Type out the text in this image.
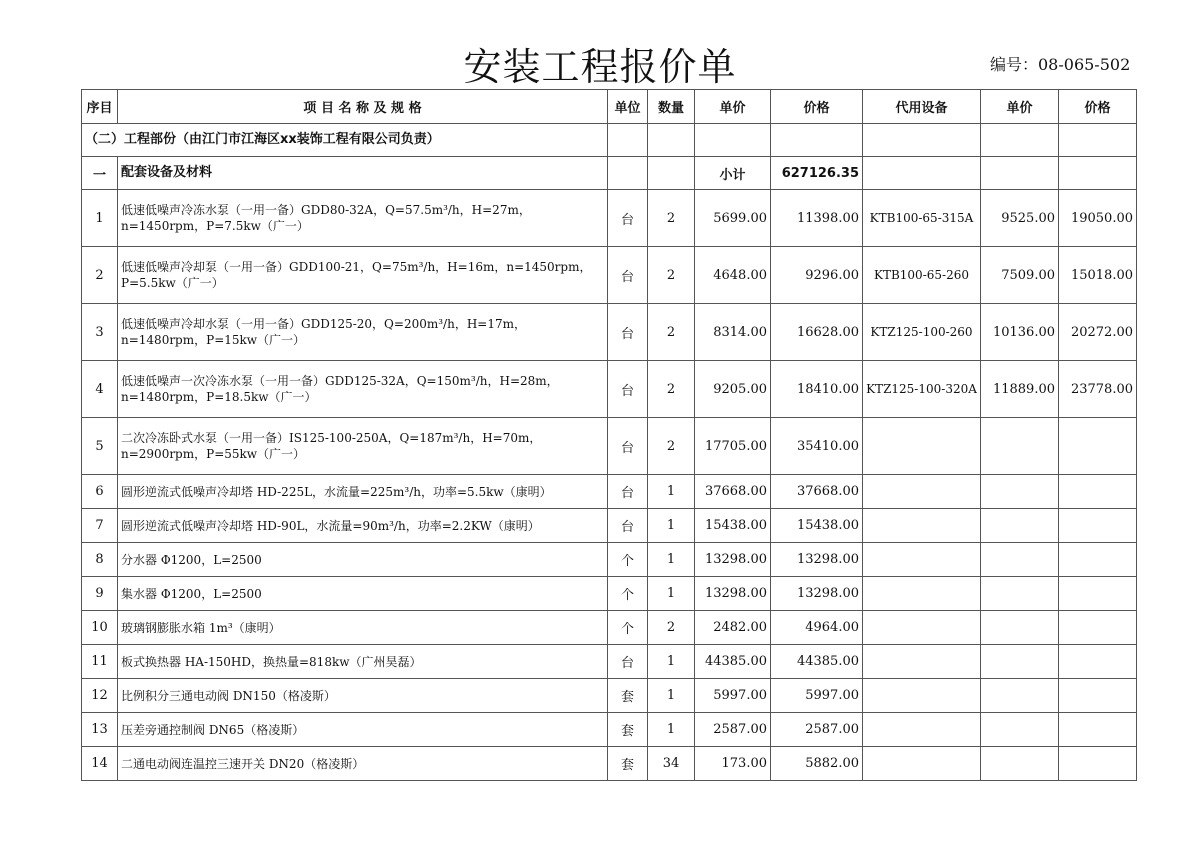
安装工程报价单	编号：08-065-502
序目	项 目 名 称 及 规 格	单位	数量	单价	价格	代用设备	单价	价格
（二）工程部份（由江门市江海区xx装饰工程有限公司负责）								
一	配套设备及材料			小计	627126.35			
1	低速低噪声冷冻水泵（一用一备）GDD80-32A，Q=57.5m³/h，H=27m，n=1450rpm，P=7.5kw（广一）	台	2	5699.00	11398.00	KTB100-65-315A	9525.00	19050.00
2	低速低噪声冷却泵（一用一备）GDD100-21，Q=75m³/h，H=16m，n=1450rpm，P=5.5kw（广一）	台	2	4648.00	9296.00	KTB100-65-260	7509.00	15018.00
3	低速低噪声冷却水泵（一用一备）GDD125-20，Q=200m³/h，H=17m，n=1480rpm，P=15kw（广一）	台	2	8314.00	16628.00	KTZ125-100-260	10136.00	20272.00
4	低速低噪声一次冷冻水泵（一用一备）GDD125-32A，Q=150m³/h，H=28m，n=1480rpm，P=18.5kw（广一）	台	2	9205.00	18410.00	KTZ125-100-320A	11889.00	23778.00
5	二次冷冻卧式水泵（一用一备）IS125-100-250A，Q=187m³/h，H=70m，n=2900rpm，P=55kw（广一）	台	2	17705.00	35410.00			
6	圆形逆流式低噪声冷却塔 HD-225L，水流量=225m³/h，功率=5.5kw（康明）	台	1	37668.00	37668.00			
7	圆形逆流式低噪声冷却塔 HD-90L，水流量=90m³/h，功率=2.2KW（康明）	台	1	15438.00	15438.00			
8	分水器 Φ1200，L=2500	个	1	13298.00	13298.00			
9	集水器 Φ1200，L=2500	个	1	13298.00	13298.00			
10	玻璃钢膨胀水箱 1m³（康明）	个	2	2482.00	4964.00			
11	板式换热器 HA-150HD，换热量=818kw（广州昊磊）	台	1	44385.00	44385.00			
12	比例积分三通电动阀 DN150（格凌斯）	套	1	5997.00	5997.00			
13	压差旁通控制阀 DN65（格凌斯）	套	1	2587.00	2587.00			
14	二通电动阀连温控三速开关 DN20（格凌斯）	套	34	173.00	5882.00			
